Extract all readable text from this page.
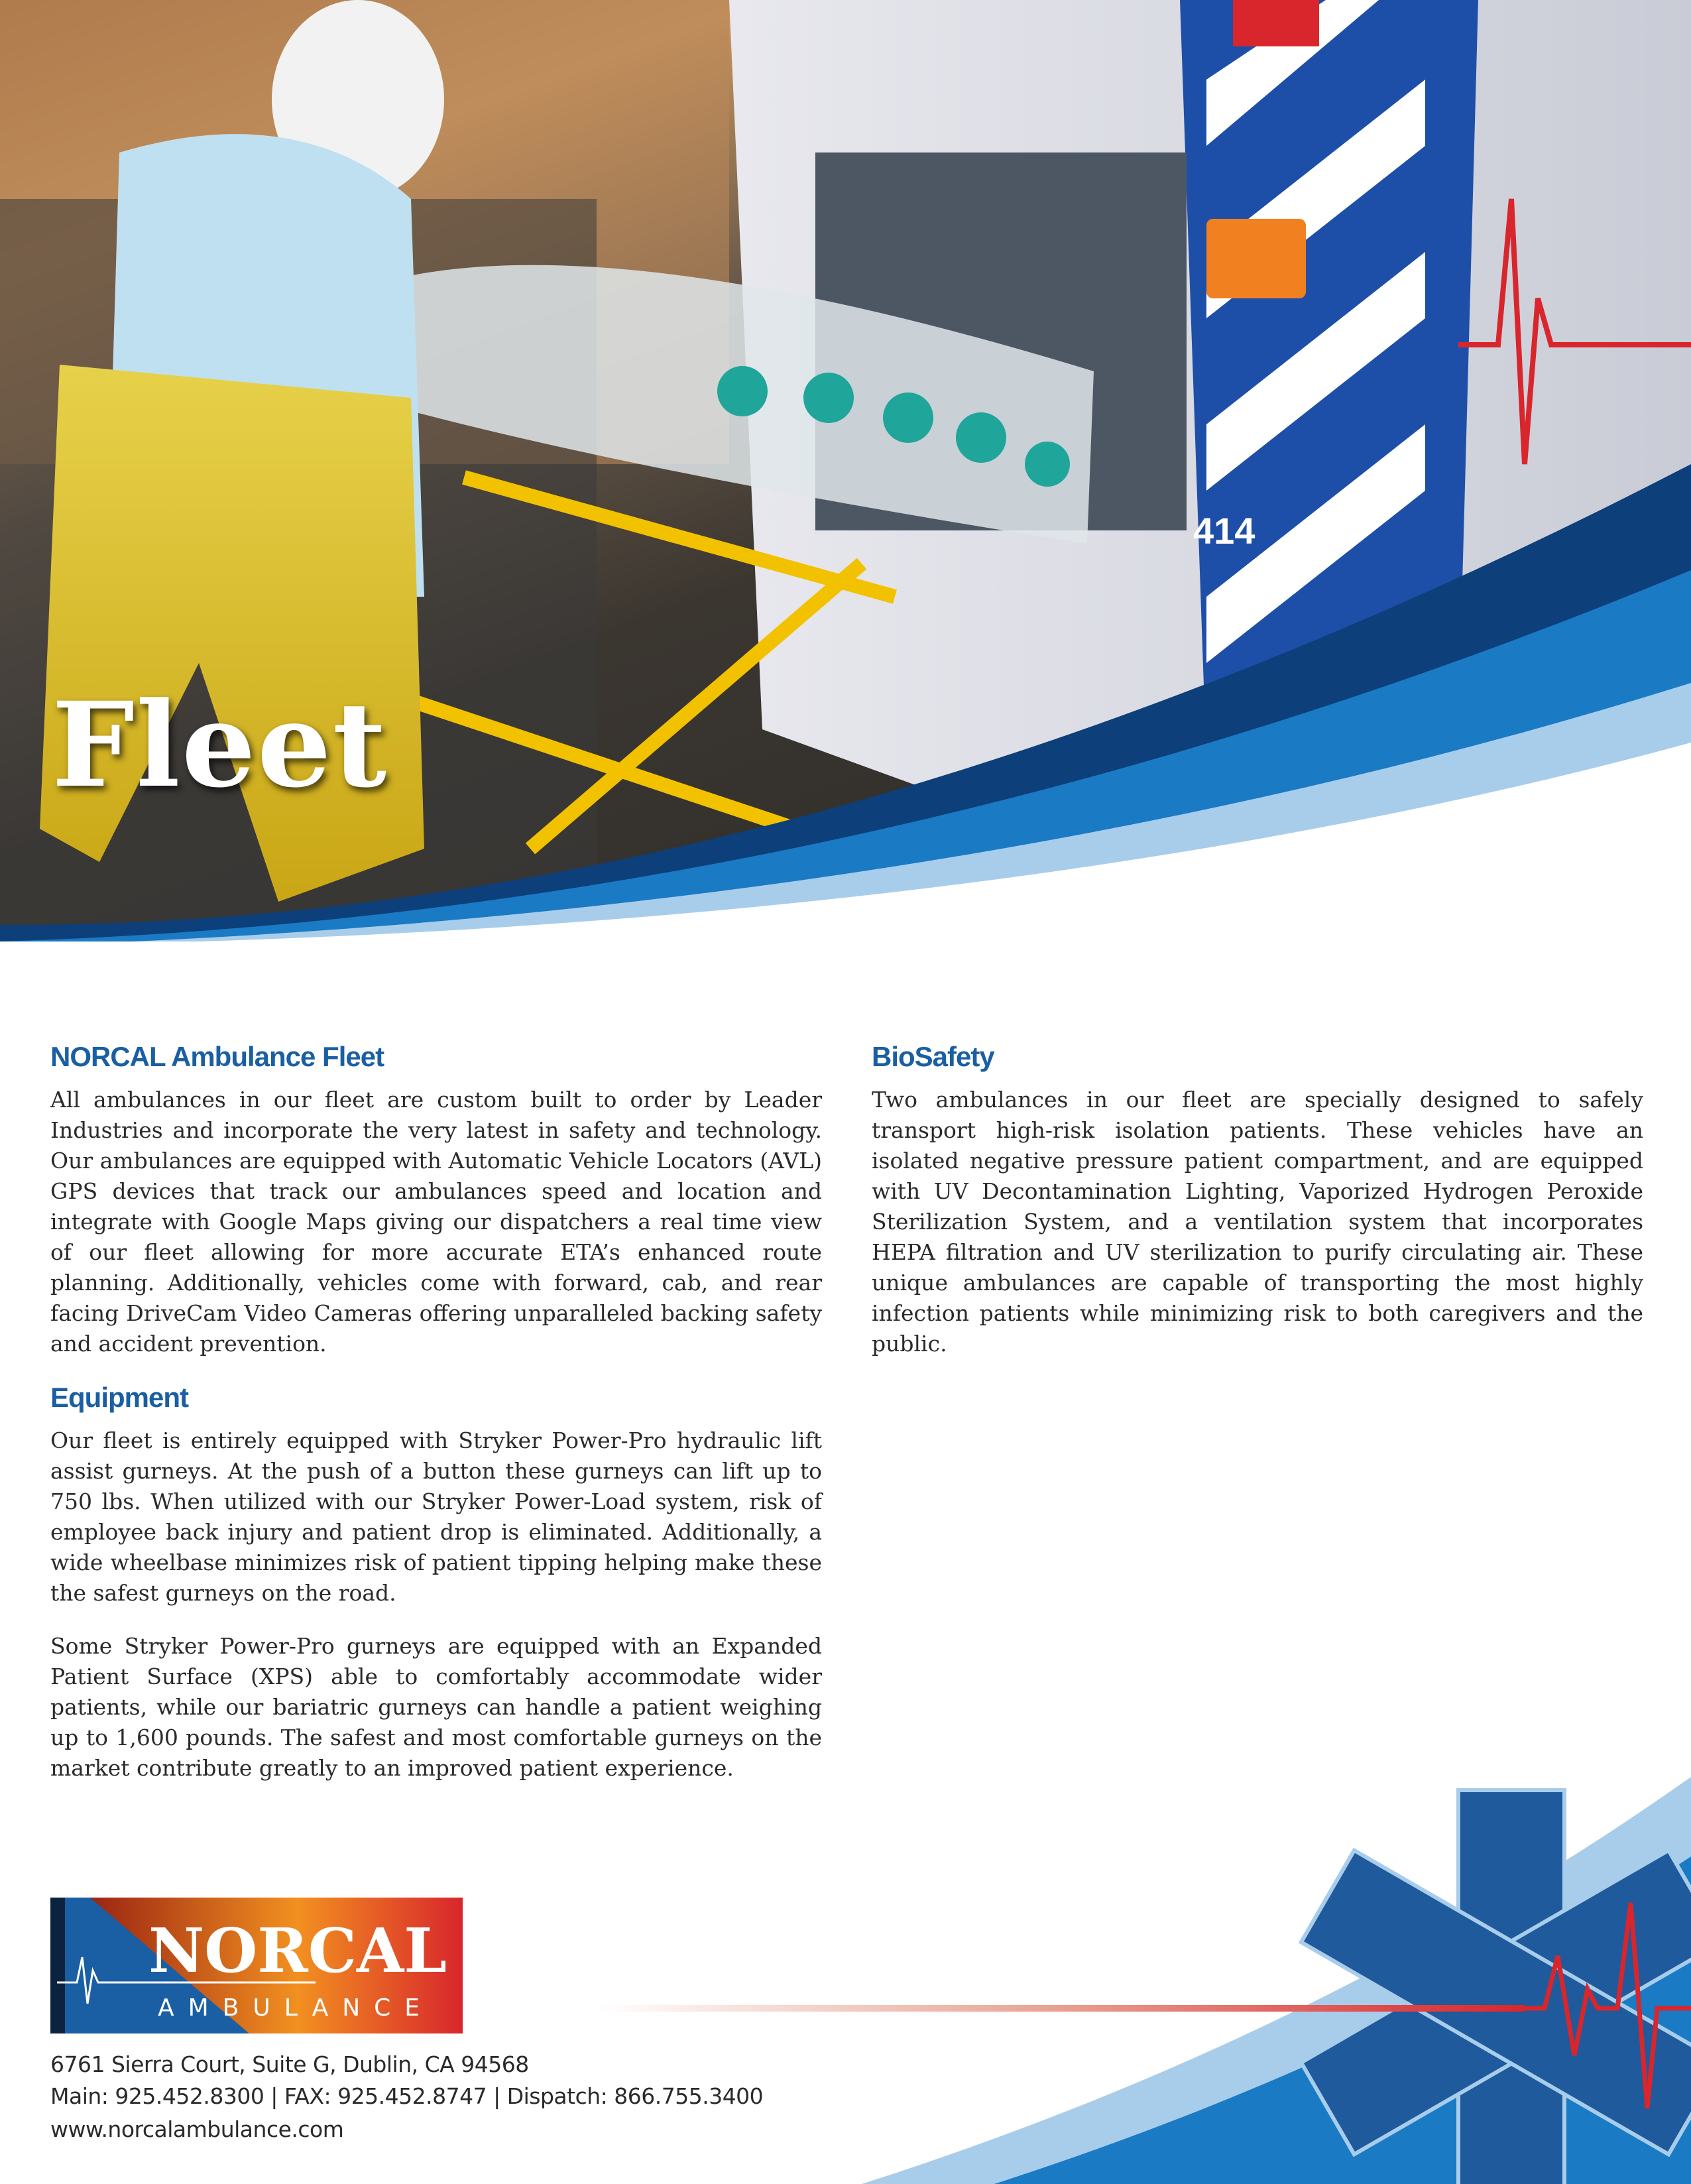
414
Fleet
NORCAL Ambulance Fleet
All ambulances in our fleet are custom built to order by Leader Industries and incorporate the very latest in safety and technology. Our ambulances are equipped with Automatic Vehicle Locators (AVL) GPS devices that track our ambulances speed and location and integrate with Google Maps giving our dispatchers a real time view of our fleet allowing for more accurate ETA’s enhanced route planning. Additionally, vehicles come with forward, cab, and rear facing DriveCam Video Cameras offering unparalleled backing safety and accident prevention.
Equipment
Our fleet is entirely equipped with Stryker Power-Pro hydraulic lift assist gurneys. At the push of a button these gurneys can lift up to 750 lbs. When utilized with our Stryker Power-Load system, risk of employee back injury and patient drop is eliminated. Additionally, a wide wheelbase minimizes risk of patient tipping helping make these the safest gurneys on the road.
Some Stryker Power-Pro gurneys are equipped with an Expanded Patient Surface (XPS) able to comfortably accommodate wider patients, while our bariatric gurneys can handle a patient weighing up to 1,600 pounds. The safest and most comfortable gurneys on the market contribute greatly to an improved patient experience.
BioSafety
Two ambulances in our fleet are specially designed to safely transport high-risk isolation patients. These vehicles have an isolated negative pressure patient compartment, and are equipped with UV Decontamination Lighting, Vaporized Hydrogen Peroxide Sterilization System, and a ventilation system that incorporates HEPA filtration and UV sterilization to purify circulating air. These unique ambulances are capable of transporting the most highly infection patients while minimizing risk to both caregivers and the public.
NORCAL
AMBULANCE
6761 Sierra Court, Suite G, Dublin, CA 94568
Main: 925.452.8300 | FAX: 925.452.8747 | Dispatch: 866.755.3400
www.norcalambulance.com
